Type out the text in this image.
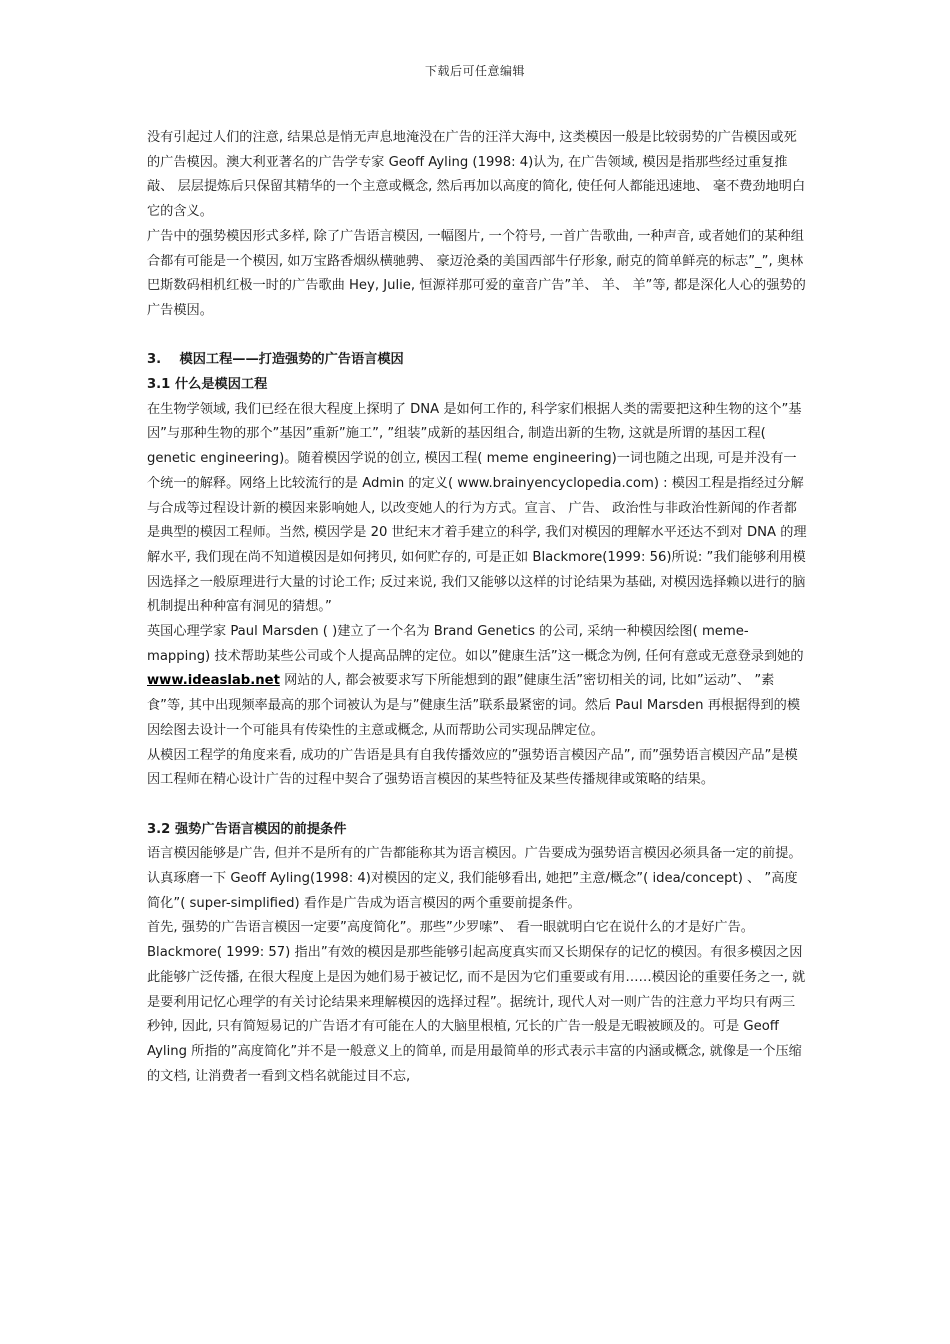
下载后可任意编辑

没有引起过人们的注意, 结果总是悄无声息地淹没在广告的汪洋大海中, 这类模因一般是比较弱势的广告模因或死的广告模因。澳大利亚著名的广告学专家 Geoff Ayling (1998: 4)认为, 在广告领域, 模因是指那些经过重复推敲、 层层提炼后只保留其精华的一个主意或概念, 然后再加以高度的简化, 使任何人都能迅速地、 毫不费劲地明白它的含义。

广告中的强势模因形式多样, 除了广告语言模因, 一幅图片, 一个符号, 一首广告歌曲, 一种声音, 或者她们的某种组合都有可能是一个模因, 如万宝路香烟纵横驰骋、 豪迈沧桑的美国西部牛仔形象, 耐克的简单鲜亮的标志”_”, 奥林巴斯数码相机红极一时的广告歌曲 Hey, Julie, 恒源祥那可爱的童音广告”羊、 羊、 羊”等, 都是深化人心的强势的广告模因。

3.    模因工程——打造强势的广告语言模因
3.1 什么是模因工程

在生物学领域, 我们已经在很大程度上探明了 DNA 是如何工作的, 科学家们根据人类的需要把这种生物的这个”基因”与那种生物的那个”基因”重新”施工”, ”组装”成新的基因组合, 制造出新的生物, 这就是所谓的基因工程( genetic engineering)。随着模因学说的创立, 模因工程( meme engineering)一词也随之出现, 可是并没有一个统一的解释。网络上比较流行的是 Admin 的定义( www.brainyencyclopedia.com) : 模因工程是指经过分解与合成等过程设计新的模因来影响她人, 以改变她人的行为方式。宣言、 广告、 政治性与非政治性新闻的作者都是典型的模因工程师。当然, 模因学是 20 世纪末才着手建立的科学, 我们对模因的理解水平还达不到对 DNA 的理解水平, 我们现在尚不知道模因是如何拷贝, 如何贮存的, 可是正如 Blackmore(1999: 56)所说: ”我们能够利用模因选择之一般原理进行大量的讨论工作; 反过来说, 我们又能够以这样的讨论结果为基础, 对模因选择赖以进行的脑机制提出种种富有洞见的猜想。”

英国心理学家 Paul Marsden ( )建立了一个名为 Brand Genetics 的公司, 采纳一种模因绘图( meme-mapping) 技术帮助某些公司或个人提高品牌的定位。如以”健康生活”这一概念为例, 任何有意或无意登录到她的 www.ideaslab.net 网站的人, 都会被要求写下所能想到的跟”健康生活”密切相关的词, 比如”运动”、 ”素食”等, 其中出现频率最高的那个词被认为是与”健康生活”联系最紧密的词。然后 Paul Marsden 再根据得到的模因绘图去设计一个可能具有传染性的主意或概念, 从而帮助公司实现品牌定位。

从模因工程学的角度来看, 成功的广告语是具有自我传播效应的”强势语言模因产品”, 而”强势语言模因产品”是模因工程师在精心设计广告的过程中契合了强势语言模因的某些特征及某些传播规律或策略的结果。

3.2 强势广告语言模因的前提条件

语言模因能够是广告, 但并不是所有的广告都能称其为语言模因。广告要成为强势语言模因必须具备一定的前提。认真琢磨一下 Geoff Ayling(1998: 4)对模因的定义, 我们能够看出, 她把”主意/概念”( idea/concept) 、 ”高度简化”( super-simplified) 看作是广告成为语言模因的两个重要前提条件。

首先, 强势的广告语言模因一定要”高度简化”。那些”少罗嗦”、 看一眼就明白它在说什么的才是好广告。Blackmore( 1999: 57) 指出”有效的模因是那些能够引起高度真实而又长期保存的记忆的模因。有很多模因之因此能够广泛传播, 在很大程度上是因为她们易于被记忆, 而不是因为它们重要或有用……模因论的重要任务之一, 就是要利用记忆心理学的有关讨论结果来理解模因的选择过程”。据统计, 现代人对一则广告的注意力平均只有两三秒钟, 因此, 只有简短易记的广告语才有可能在人的大脑里根植, 冗长的广告一般是无暇被顾及的。可是 Geoff Ayling 所指的”高度简化”并不是一般意义上的简单, 而是用最简单的形式表示丰富的内涵或概念, 就像是一个压缩的文档, 让消费者一看到文档名就能过目不忘,
